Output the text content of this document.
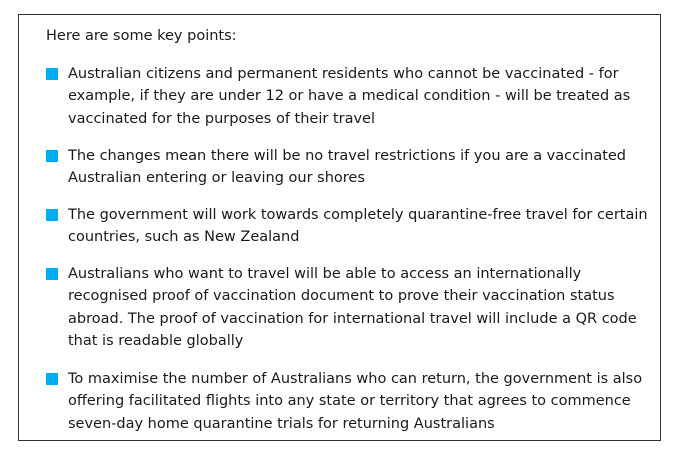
Here are some key points:

Australian citizens and permanent residents who cannot be vaccinated - for example, if they are under 12 or have a medical condition - will be treated as vaccinated for the purposes of their travel
The changes mean there will be no travel restrictions if you are a vaccinated Australian entering or leaving our shores
The government will work towards completely quarantine-free travel for certain countries, such as New Zealand
Australians who want to travel will be able to access an internationally recognised proof of vaccination document to prove their vaccination status abroad. The proof of vaccination for international travel will include a QR code that is readable globally
To maximise the number of Australians who can return, the government is also offering facilitated flights into any state or territory that agrees to commence seven-day home quarantine trials for returning Australians
